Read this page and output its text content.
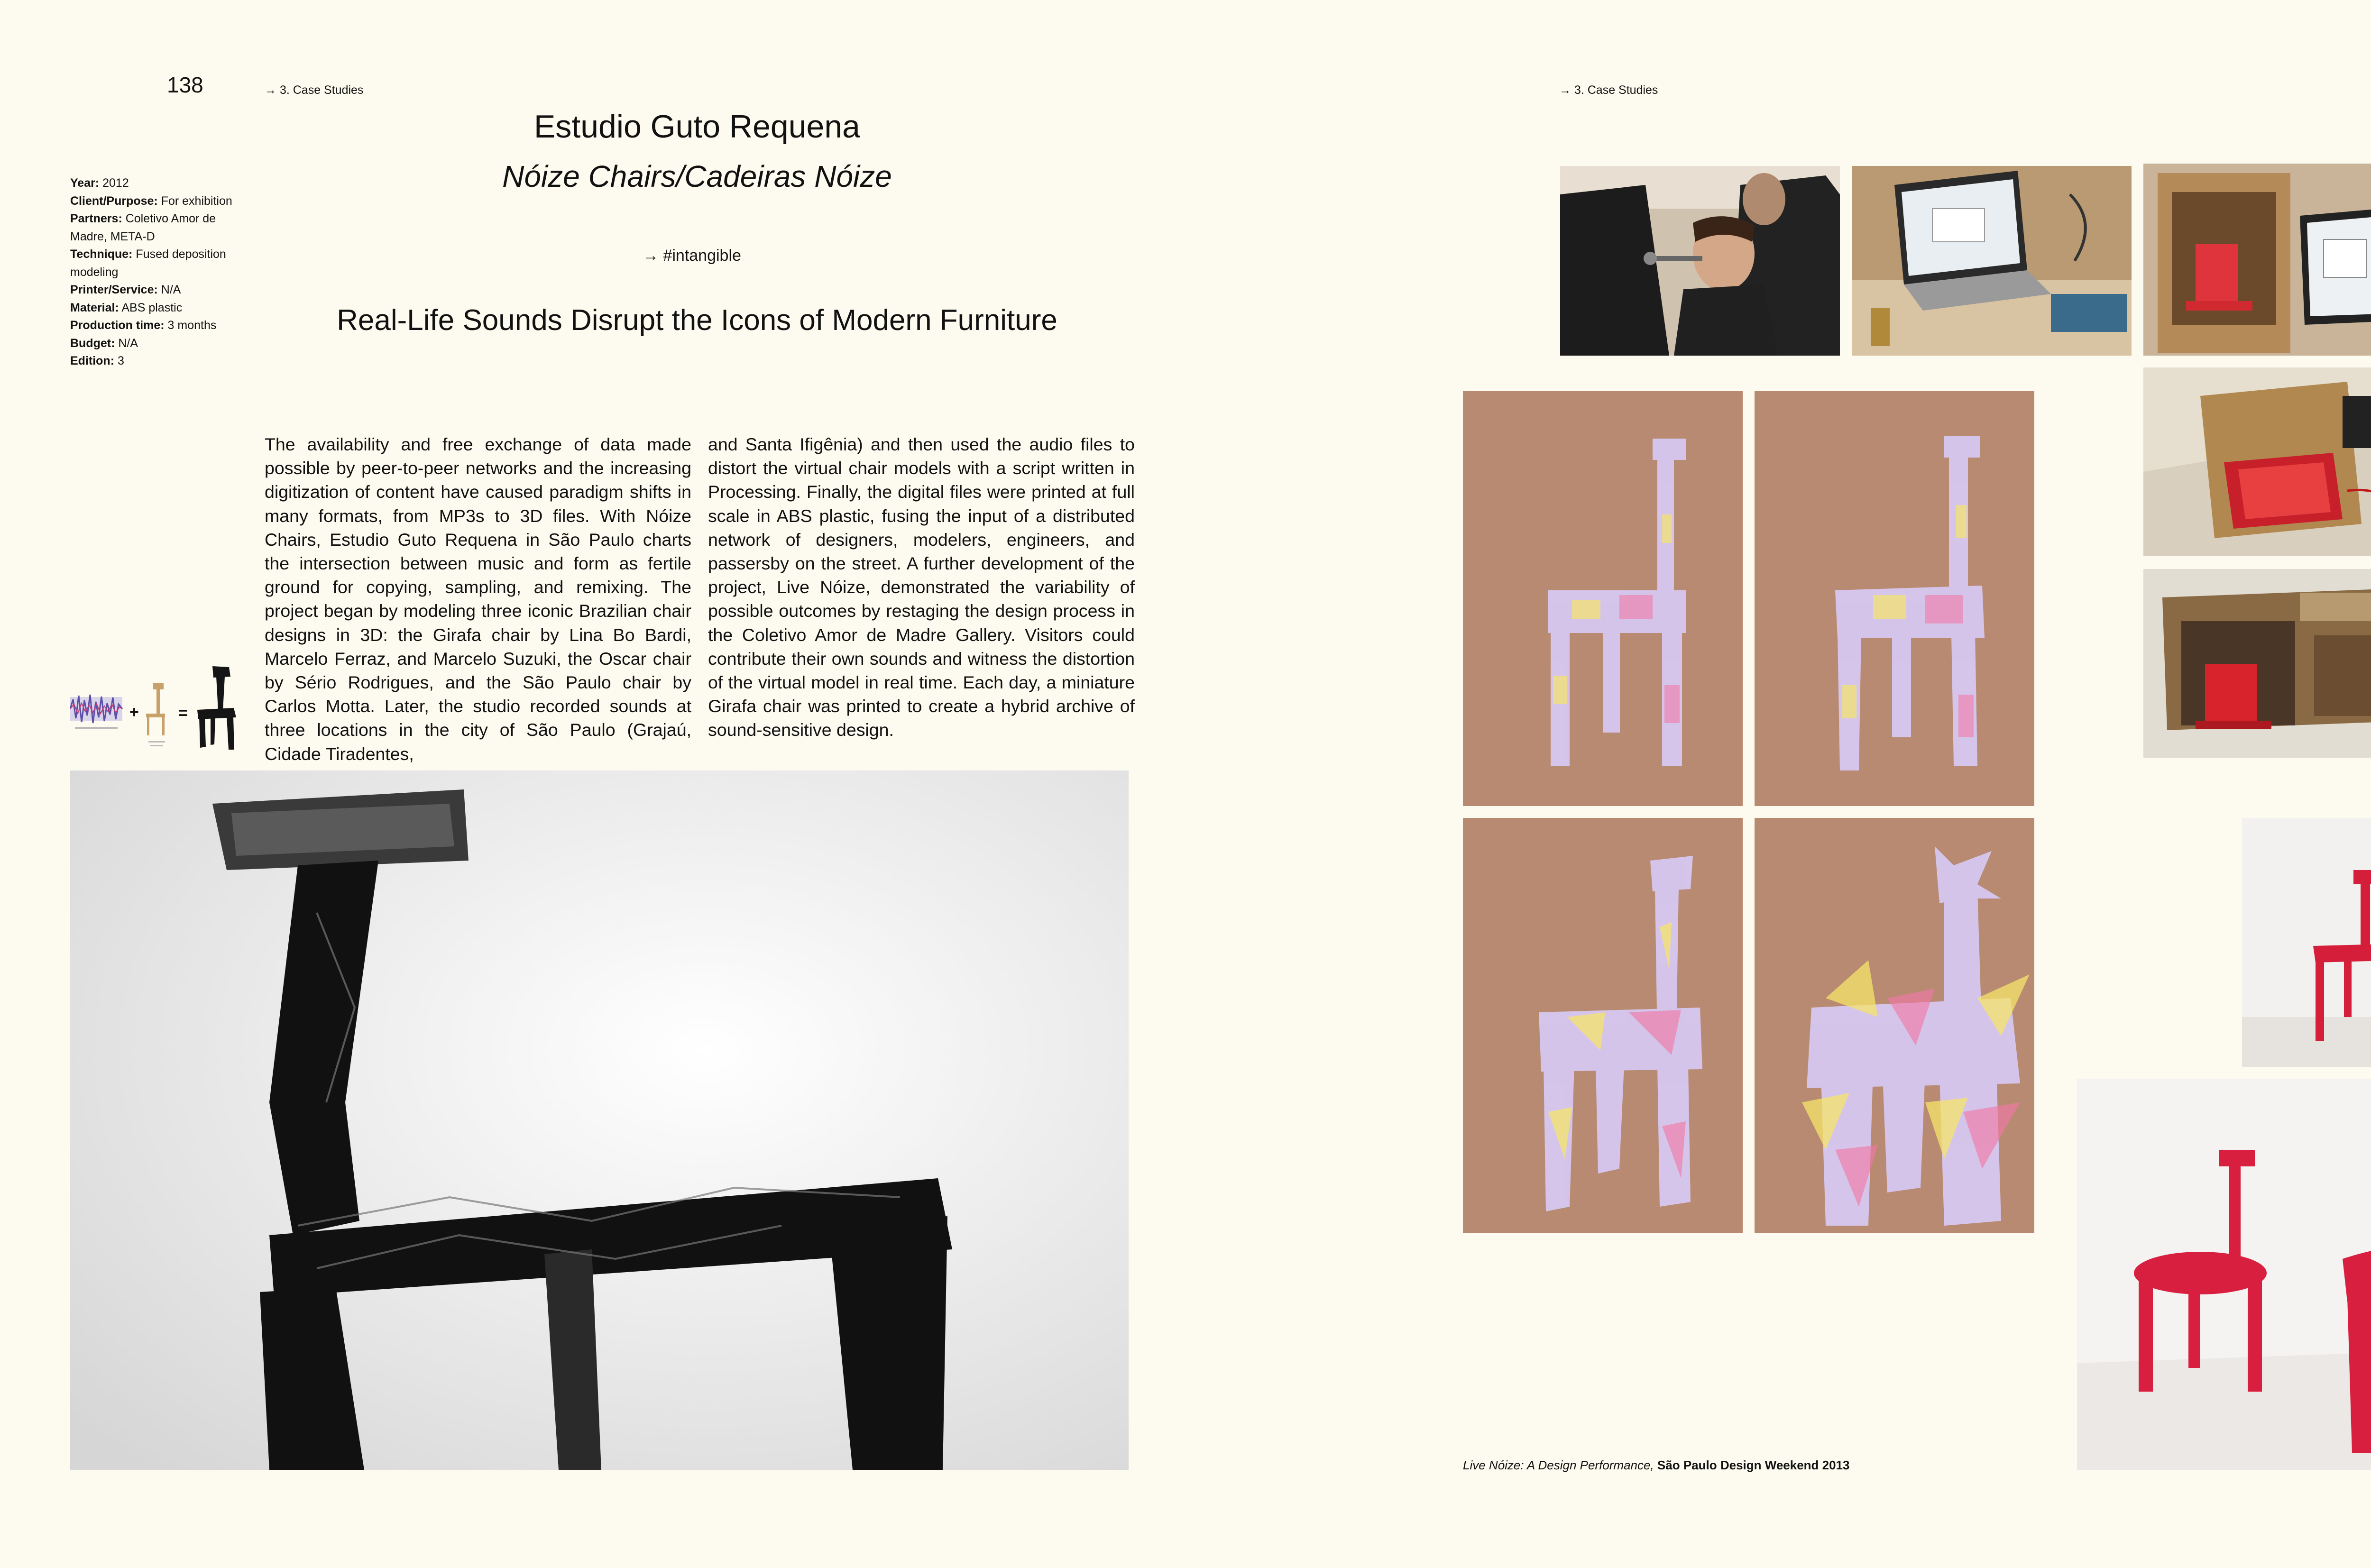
138	→ 3. Case Studies
Estudio Guto Requena
Nóize Chairs/Cadeiras Nóize
→ #intangible
Real-Life Sounds Disrupt the Icons of Modern Furniture
Year: 2012
Client/Purpose: For exhibition
Partners: Coletivo Amor de
Madre, META-D
Technique: Fused deposition
modeling
Printer/Service: N/A
Material: ABS plastic
Production time: 3 months
Budget: N/A
Edition: 3
The availability and free exchange of data made possible by peer-to-peer networks and the increasing digitization of content have caused paradigm shifts in many formats, from MP3s to 3D files. With Nóize Chairs, Estudio Guto Requena in São Paulo charts the intersection between music and form as fertile ground for copying, sampling, and remixing. The project began by modeling three iconic Brazilian chair designs in 3D: the Girafa chair by Lina Bo Bardi, Marcelo Ferraz, and Marcelo Suzuki, the Oscar chair by Sério Rodrigues, and the São Paulo chair by Carlos Motta. Later, the studio recorded sounds at three locations in the city of São Paulo (Grajaú, Cidade Tiradentes,
and Santa Ifigênia) and then used the audio files to distort the virtual chair models with a script written in Processing. Finally, the digital files were printed at full scale in ABS plastic, fusing the input of a distributed network of designers, modelers, engineers, and passersby on the street. A further development of the project, Live Nóize, demonstrated the variability of possible outcomes by restaging the design process in the Coletivo Amor de Madre Gallery. Visitors could contribute their own sounds and witness the distortion of the virtual model in real time. Each day, a miniature Girafa chair was printed to create a hybrid archive of sound-sensitive design.
+ =
→ 3. Case Studies
Live Nóize: A Design Performance, São Paulo Design Weekend 2013
